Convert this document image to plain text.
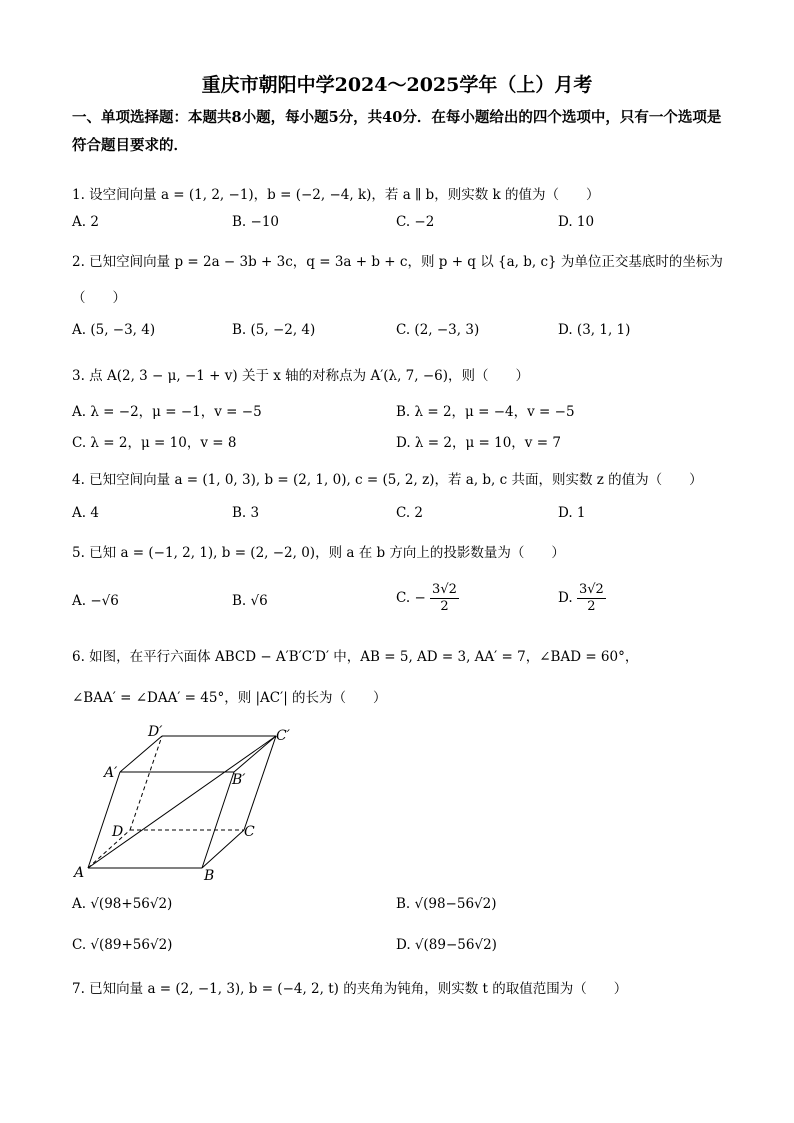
重庆市朝阳中学2024～2025学年（上）月考
一、单项选择题：本题共8小题，每小题5分，共40分．在每小题给出的四个选项中，只有一个选项是符合题目要求的．
1. 设空间向量 a = (1, 2, −1)，b = (−2, −4, k)，若 a ∥ b，则实数 k 的值为（　　）
A. 2	B. −10	C. −2	D. 10
2. 已知空间向量 p = 2a − 3b + 3c，q = 3a + b + c，则 p + q 以 {a, b, c} 为单位正交基底时的坐标为
（　　）
A. (5, −3, 4)	B. (5, −2, 4)	C. (2, −3, 3)	D. (3, 1, 1)
3. 点 A(2, 3 − μ, −1 + v) 关于 x 轴的对称点为 A′(λ, 7, −6)，则（　　）
A. λ = −2，μ = −1，v = −5	B. λ = 2，μ = −4，v = −5
C. λ = 2，μ = 10，v = 8	D. λ = 2，μ = 10，v = 7
4. 已知空间向量 a = (1, 0, 3), b = (2, 1, 0), c = (5, 2, z)，若 a, b, c 共面，则实数 z 的值为（　　）
A. 4	B. 3	C. 2	D. 1
5. 已知 a = (−1, 2, 1), b = (2, −2, 0)，则 a 在 b 方向上的投影数量为（　　）
A. −√6	B. √6	C. − $\frac{3√2}{2}$	D. $\frac{3√2}{2}$
6. 如图，在平行六面体 ABCD − A′B′C′D′ 中，AB = 5, AD = 3, AA′ = 7，∠BAD = 60°，
∠BAA′ = ∠DAA′ = 45°，则 |AC′| 的长为（　　）
A	B
C
D
A′	B′
C′
D′
A. √(98+56√2)	B. √(98−56√2)
C. √(89+56√2)	D. √(89−56√2)
7. 已知向量 a = (2, −1, 3), b = (−4, 2, t) 的夹角为钝角，则实数 t 的取值范围为（　　）
